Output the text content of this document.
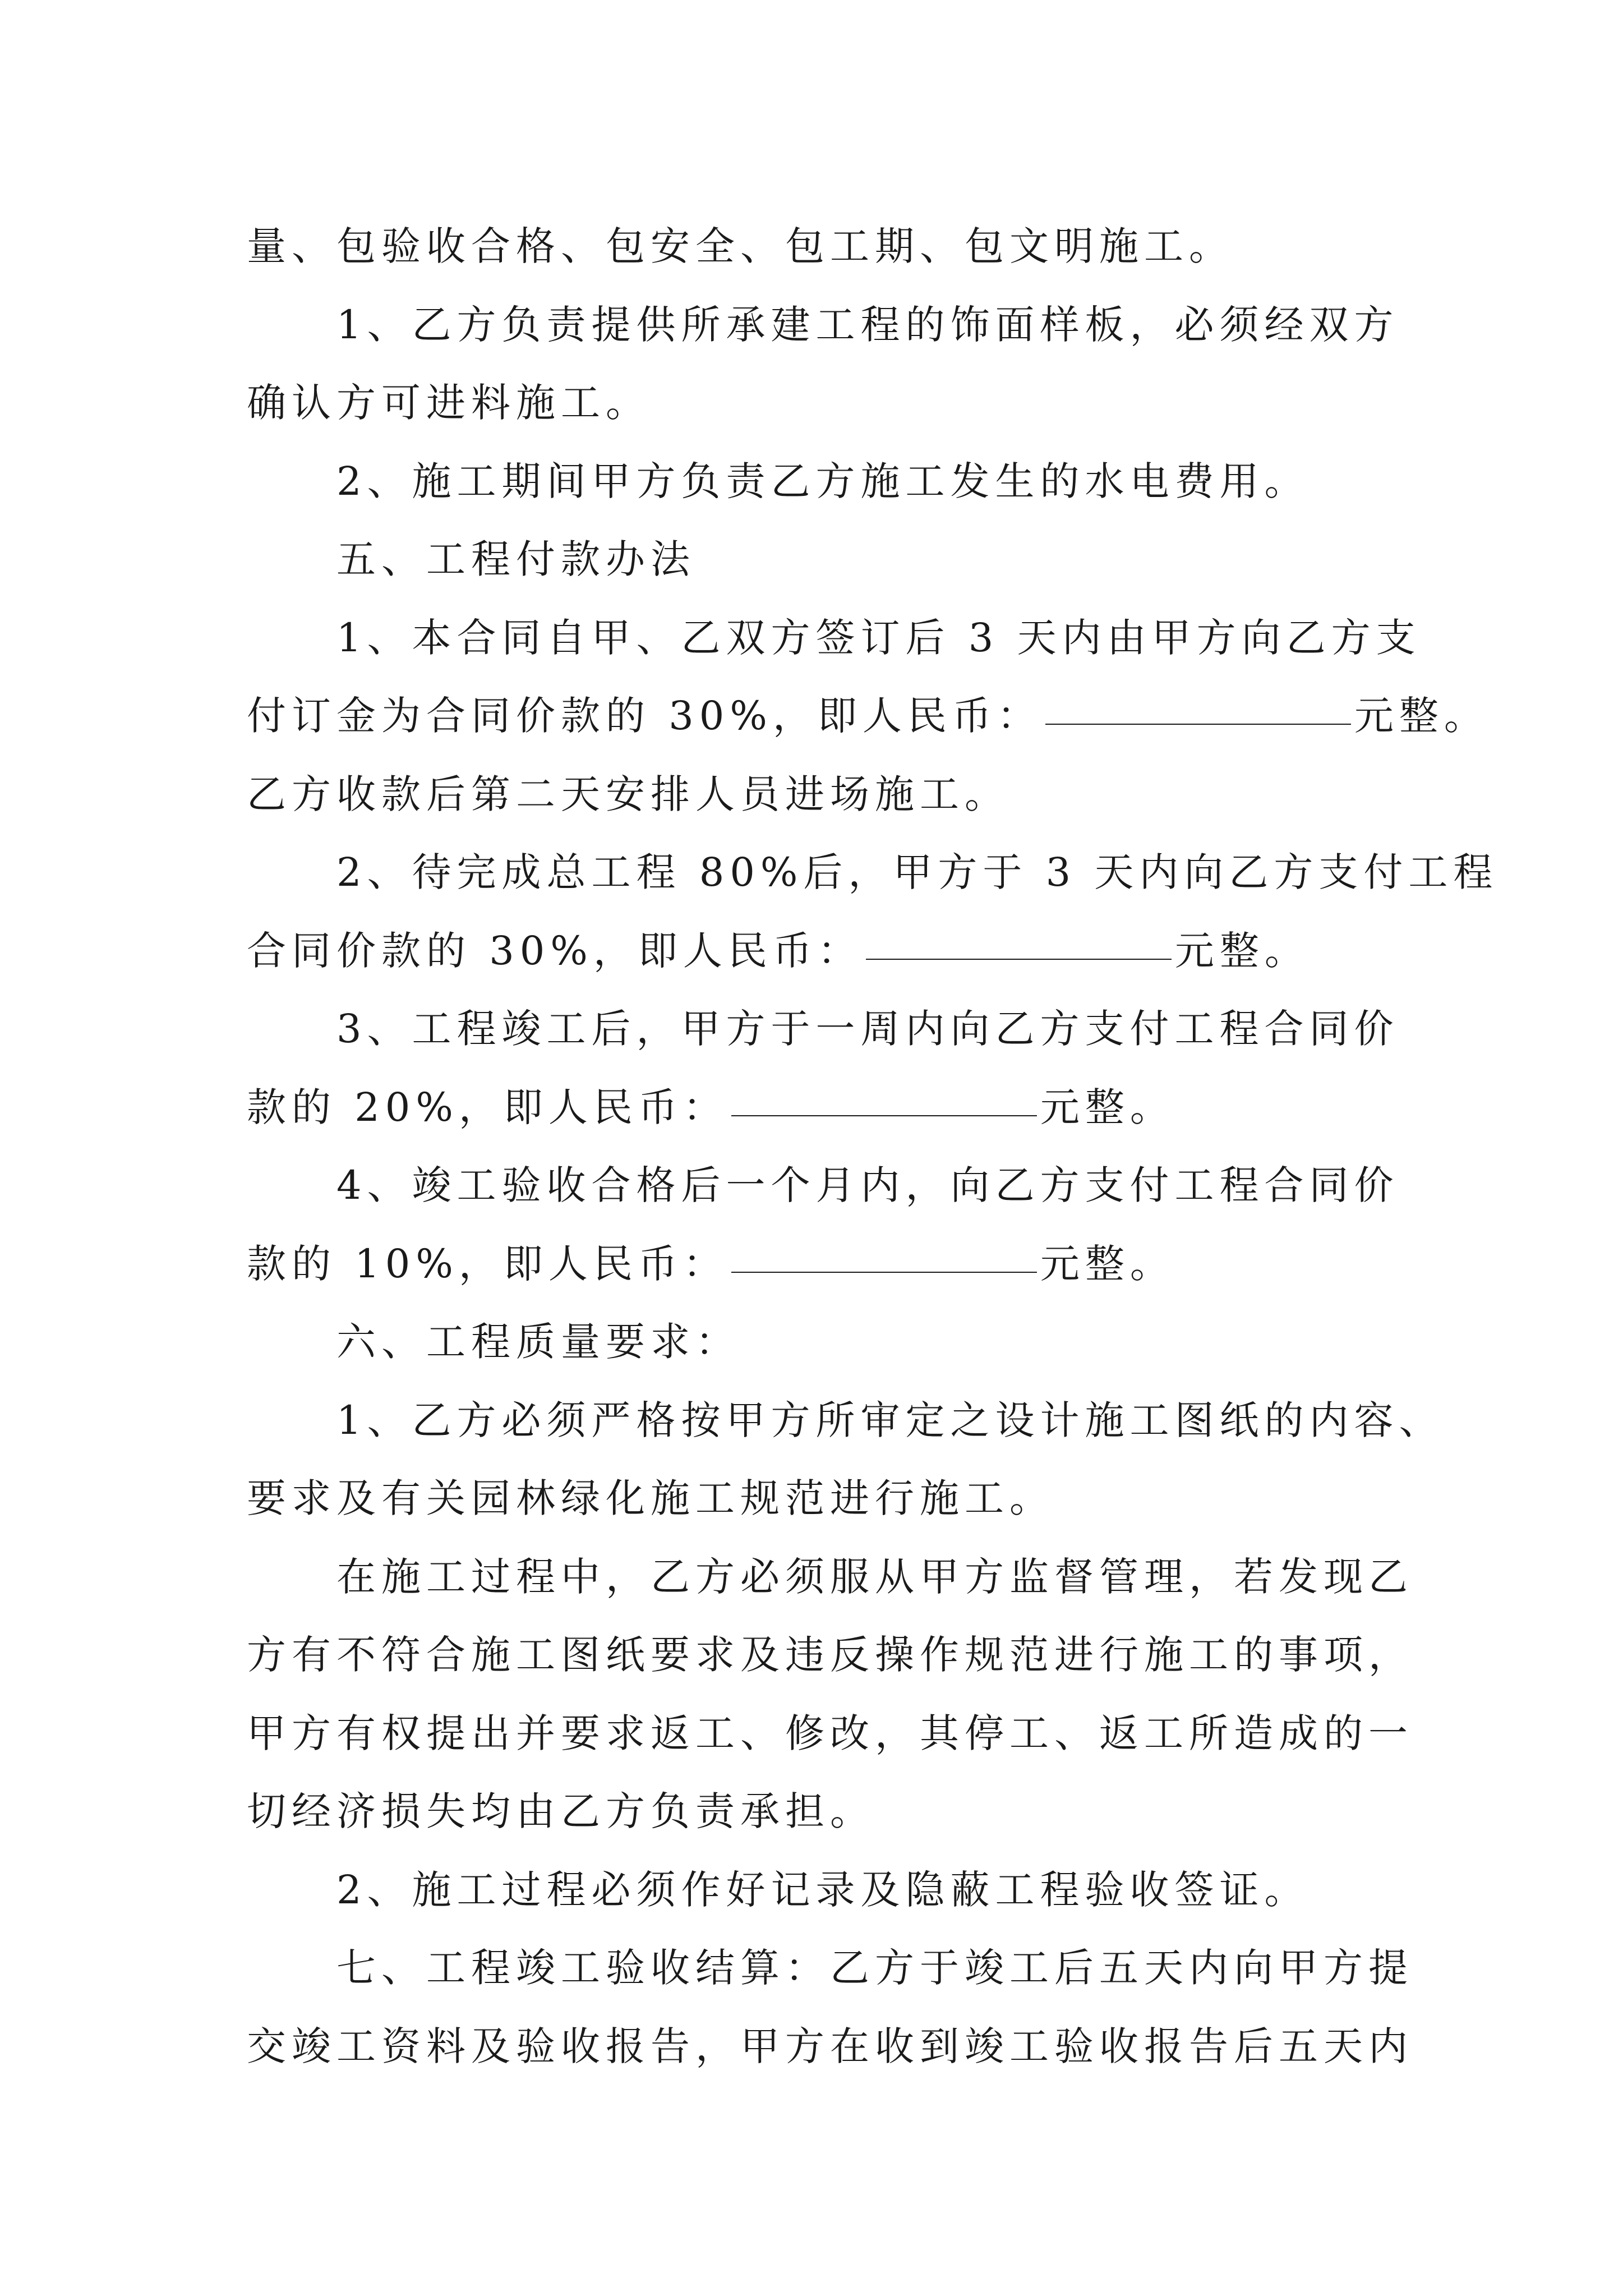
量、包验收合格、包安全、包工期、包文明施工。
1、乙方负责提供所承建工程的饰面样板，必须经双方
确认方可进料施工。
2、施工期间甲方负责乙方施工发生的水电费用。
五、工程付款办法
1、本合同自甲、乙双方签订后 3 天内由甲方向乙方支
付订金为合同价款的 30%，即人民币：	元整。
乙方收款后第二天安排人员进场施工。
2、待完成总工程 80%后，甲方于 3 天内向乙方支付工程
合同价款的 30%，即人民币：	元整。
3、工程竣工后，甲方于一周内向乙方支付工程合同价
款的 20%，即人民币：	元整。
4、竣工验收合格后一个月内，向乙方支付工程合同价
款的 10%，即人民币：	元整。
六、工程质量要求：
1、乙方必须严格按甲方所审定之设计施工图纸的内容、
要求及有关园林绿化施工规范进行施工。
在施工过程中，乙方必须服从甲方监督管理，若发现乙
方有不符合施工图纸要求及违反操作规范进行施工的事项，
甲方有权提出并要求返工、修改，其停工、返工所造成的一
切经济损失均由乙方负责承担。
2、施工过程必须作好记录及隐蔽工程验收签证。
七、工程竣工验收结算：乙方于竣工后五天内向甲方提
交竣工资料及验收报告，甲方在收到竣工验收报告后五天内
